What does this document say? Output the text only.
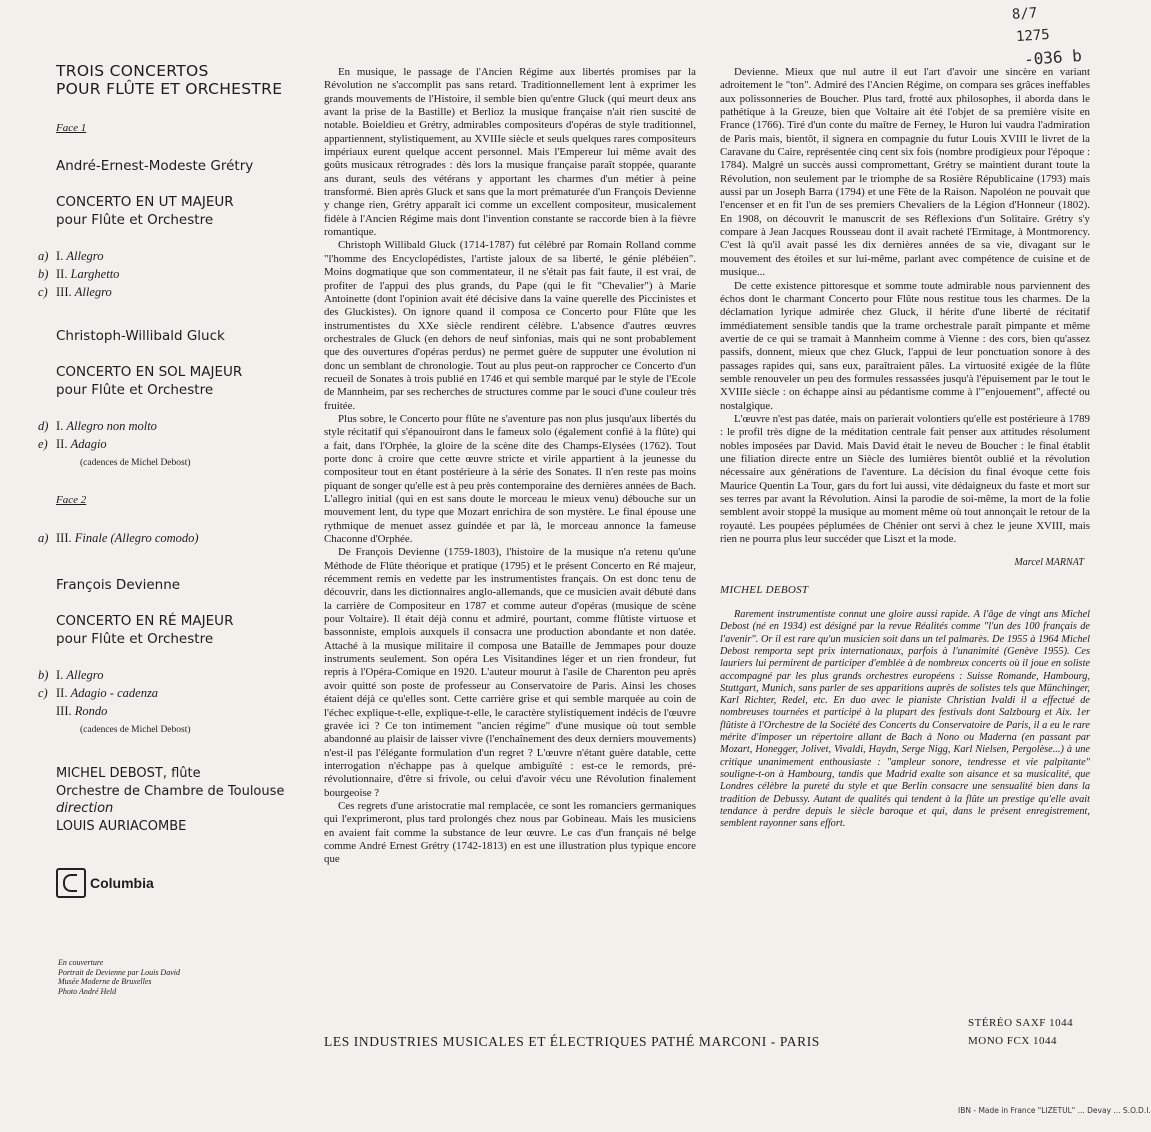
8/7
1275
-036 b
TROIS CONCERTOS
POUR FLÛTE ET ORCHESTRE
Face 1
André-Ernest-Modeste Grétry
CONCERTO EN UT MAJEUR
pour Flûte et Orchestre
a) I. Allegro
b) II. Larghetto
c) III. Allegro
Christoph-Willibald Gluck
CONCERTO EN SOL MAJEUR
pour Flûte et Orchestre
d) I. Allegro non molto
e) II. Adagio
(cadences de Michel Debost)
Face 2
a) III. Finale (Allegro comodo)
François Devienne
CONCERTO EN RÉ MAJEUR
pour Flûte et Orchestre
b) I. Allegro
c) II. Adagio - cadenza
III. Rondo
(cadences de Michel Debost)
MICHEL DEBOST, flûte
Orchestre de Chambre de Toulouse
direction
LOUIS AURIACOMBE
Columbia
En couverture
Portrait de Devienne par Louis David
Musée Moderne de Bruxelles
Photo André Held

En musique, le passage de l'Ancien Régime aux libertés promises par la Révolution ne s'accomplit pas sans retard. Traditionnellement lent à exprimer les grands mouvements de l'Histoire, il semble bien qu'entre Gluck (qui meurt deux ans avant la prise de la Bastille) et Berlioz la musique française n'ait rien suscité de notable. Boieldieu et Grétry, admirables compositeurs d'opéras de style traditionnel, appartiennent, stylistiquement, au XVIIIe siècle et seuls quelques rares compositeurs impériaux eurent quelque accent personnel. Mais l'Empereur lui même avait des goûts musicaux rétrogrades : dès lors la musique française paraît stoppée, quarante ans durant, seuls des vétérans y apportant les charmes d'un métier à peine transformé. Bien après Gluck et sans que la mort prématurée d'un François Devienne y change rien, Grétry apparaît ici comme un excellent compositeur, musicalement fidèle à l'Ancien Régime mais dont l'invention constante se raccorde bien à la fièvre romantique.

Christoph Willibald Gluck (1714-1787) fut célébré par Romain Rolland comme "l'homme des Encyclopédistes, l'artiste jaloux de sa liberté, le génie plébéien". Moins dogmatique que son commentateur, il ne s'était pas fait faute, il est vrai, de profiter de l'appui des plus grands, du Pape (qui le fit "Chevalier") à Marie Antoinette (dont l'opinion avait été décisive dans la vaine querelle des Piccinistes et des Gluckistes). On ignore quand il composa ce Concerto pour Flûte que les instrumentistes du XXe siècle rendirent célèbre. L'absence d'autres œuvres orchestrales de Gluck (en dehors de neuf sinfonias, mais qui ne sont probablement que des ouvertures d'opéras perdus) ne permet guère de supputer une évolution ni donc un semblant de chronologie. Tout au plus peut-on rapprocher ce Concerto d'un recueil de Sonates à trois publié en 1746 et qui semble marqué par le style de l'Ecole de Mannheim, par ses recherches de structures comme par le souci d'une couleur très fruitée.

Plus sobre, le Concerto pour flûte ne s'aventure pas non plus jusqu'aux libertés du style récitatif qui s'épanouiront dans le fameux solo (également confié à la flûte) qui a fait, dans l'Orphée, la gloire de la scène dite des Champs-Elysées (1762). Tout porte donc à croire que cette œuvre stricte et virile appartient à la jeunesse du compositeur tout en étant postérieure à la série des Sonates. Il n'en reste pas moins piquant de songer qu'elle est à peu près contemporaine des dernières années de Bach. L'allegro initial (qui en est sans doute le morceau le mieux venu) débouche sur un mouvement lent, du type que Mozart enrichira de son mystère. Le final épouse une rythmique de menuet assez guindée et par là, le morceau annonce la fameuse Chaconne d'Orphée.

De François Devienne (1759-1803), l'histoire de la musique n'a retenu qu'une Méthode de Flûte théorique et pratique (1795) et le présent Concerto en Ré majeur, récemment remis en vedette par les instrumentistes français. On est donc tenu de découvrir, dans les dictionnaires anglo-allemands, que ce musicien avait débuté dans la carrière de Compositeur en 1787 et comme auteur d'opéras (musique de scène pour Voltaire). Il était déjà connu et admiré, pourtant, comme flûtiste virtuose et bassonniste, emplois auxquels il consacra une production abondante et non datée. Attaché à la musique militaire il composa une Bataille de Jemmapes pour douze instruments seulement. Son opéra Les Visitandines léger et un rien frondeur, fut repris à l'Opéra-Comique en 1920. L'auteur mourut à l'asile de Charenton peu après avoir quitté son poste de professeur au Conservatoire de Paris. Ainsi les choses étaient déjà ce qu'elles sont. Cette carrière grise et qui semble marquée au coin de l'échec explique-t-elle, explique-t-elle, le caractère stylistiquement indécis de l'œuvre gravée ici ? Ce ton intimement "ancien régime" d'une musique où tout semble abandonné au plaisir de laisser vivre (l'enchaînement des deux derniers mouvements) n'est-il pas l'élégante formulation d'un regret ? L'œuvre n'étant guère datable, cette interrogation n'échappe pas à quelque ambiguïté : est-ce le remords, pré-révolutionnaire, d'être si frivole, ou celui d'avoir vécu une Révolution finalement bourgeoise ?

Ces regrets d'une aristocratie mal remplacée, ce sont les romanciers germaniques qui l'exprimeront, plus tard prolongés chez nous par Gobineau. Mais les musiciens en avaient fait comme la substance de leur œuvre. Le cas d'un français né belge comme André Ernest Grétry (1742-1813) en est une illustration plus typique encore que

Devienne. Mieux que nul autre il eut l'art d'avoir une sincère en variant adroitement le "ton". Admiré des l'Ancien Régime, on compara ses grâces ineffables aux polissonneries de Boucher. Plus tard, frotté aux philosophes, il aborda dans le pathétique à la Greuze, bien que Voltaire ait été l'objet de sa première visite en France (1766). Tiré d'un conte du maître de Ferney, le Huron lui vaudra l'admiration de Paris mais, bientôt, il signera en compagnie du futur Louis XVIII le livret de la Caravane du Caire, représentée cinq cent six fois (nombre prodigieux pour l'époque : 1784). Malgré un succès aussi compromettant, Grétry se maintient durant toute la Révolution, non seulement par le triomphe de sa Rosière Républicaine (1793) mais aussi par un Joseph Barra (1794) et une Fête de la Raison. Napoléon ne pouvait que l'encenser et en fit l'un de ses premiers Chevaliers de la Légion d'Honneur (1802). En 1908, on découvrit le manuscrit de ses Réflexions d'un Solitaire. Grétry s'y compare à Jean Jacques Rousseau dont il avait racheté l'Ermitage, à Montmorency. C'est là qu'il avait passé les dix dernières années de sa vie, divagant sur le mouvement des étoiles et sur lui-même, parlant avec compétence de cuisine et de musique...

De cette existence pittoresque et somme toute admirable nous parviennent des échos dont le charmant Concerto pour Flûte nous restitue tous les charmes. De la déclamation lyrique admirée chez Gluck, il hérite d'une liberté de récitatif immédiatement sensible tandis que la trame orchestrale paraît pimpante et même avertie de ce qui se tramait à Mannheim comme à Vienne : des cors, bien qu'assez passifs, donnent, mieux que chez Gluck, l'appui de leur ponctuation sonore à des passages rapides qui, sans eux, paraîtraient pâles. La virtuosité exigée de la flûte semble renouveler un peu des formules ressassées jusqu'à l'épuisement par le tout le XVIIIe siècle : on échappe ainsi au pédantisme comme à l'"enjouement", affecté ou nostalgique.

L'œuvre n'est pas datée, mais on parierait volontiers qu'elle est postérieure à 1789 : le profil très digne de la méditation centrale fait penser aux attitudes résolument nobles imposées par David. Mais David était le neveu de Boucher : le final établit une filiation directe entre un Siècle des lumières bientôt oublié et la révolution nécessaire aux générations de l'aventure. La décision du final évoque cette fois Maurice Quentin La Tour, gars du fort lui aussi, vite dédaigneux du faste et mort sur ses terres par avant la Révolution. Ainsi la parodie de soi-même, la mort de la folie semblent avoir stoppé la musique au moment même où tout annonçait le retour de la royauté. Les poupées péplumées de Chénier ont servi à chez le jeune XVIII, mais rien ne pourra plus leur succéder que Liszt et la mode.

Marcel MARNAT

MICHEL DEBOST

Rarement instrumentiste connut une gloire aussi rapide. A l'âge de vingt ans Michel Debost (né en 1934) est désigné par la revue Réalités comme "l'un des 100 français de l'avenir". Or il est rare qu'un musicien soit dans un tel palmarès. De 1955 à 1964 Michel Debost remporta sept prix internationaux, parfois à l'unanimité (Genève 1955). Ces lauriers lui permirent de participer d'emblée à de nombreux concerts où il joue en soliste accompagné par les plus grands orchestres européens : Suisse Romande, Hambourg, Stuttgart, Munich, sans parler de ses apparitions auprès de solistes tels que Münchinger, Karl Richter, Redel, etc. En duo avec le pianiste Christian Ivaldi il a effectué de nombreuses tournées et participé à la plupart des festivals dont Salzbourg et Aix. 1er flûtiste à l'Orchestre de la Société des Concerts du Conservatoire de Paris, il a eu le rare mérite d'imposer un répertoire allant de Bach à Nono ou Maderna (en passant par Mozart, Honegger, Jolivet, Vivaldi, Haydn, Serge Nigg, Karl Nielsen, Pergolèse...) à une critique unanimement enthousiaste : "ampleur sonore, tendresse et vie palpitante" souligne-t-on à Hambourg, tandis que Madrid exalte son aisance et sa musicalité, que Londres célèbre la pureté du style et que Berlin consacre une sensualité bien dans la tradition de Debussy. Autant de qualités qui tendent à la flûte un prestige qu'elle avait tendance à perdre depuis le siècle baroque et qui, dans le présent enregistrement, semblent rayonner sans effort.

LES INDUSTRIES MUSICALES ET ÉLECTRIQUES PATHÉ MARCONI - PARIS
STÉRÉO SAXF 1044
MONO FCX 1044
IBN - Made in France "LIZETUL" ... Devay ... S.O.D.I.
